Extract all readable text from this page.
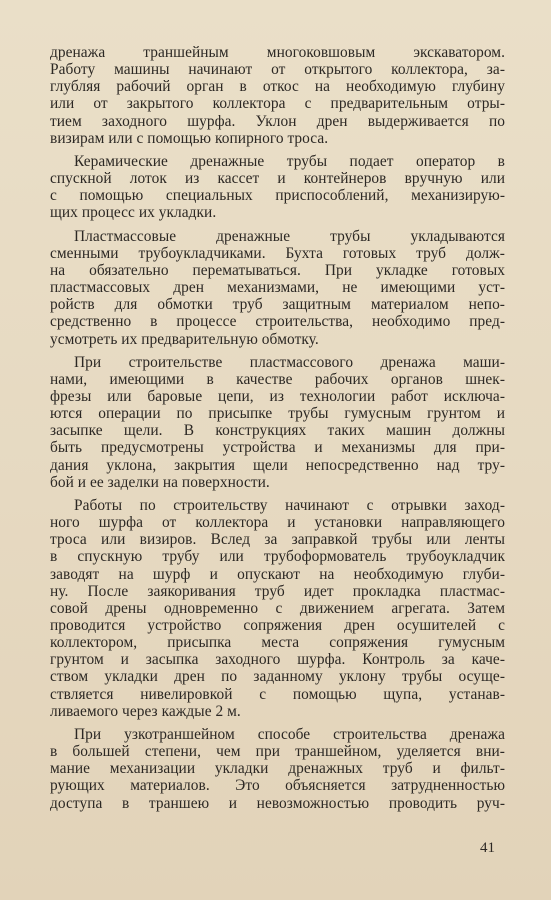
дренажа траншейным многоковшовым экскаватором.
Работу машины начинают от открытого коллектора, за-
глубляя рабочий орган в откос на необходимую глубину
или от закрытого коллектора с предварительным отры-
тием заходного шурфа. Уклон дрен выдерживается по
визирам или с помощью копирного троса.

Керамические дренажные трубы подает оператор в
спускной лоток из кассет и контейнеров вручную или
с помощью специальных приспособлений, механизирую-
щих процесс их укладки.

Пластмассовые дренажные трубы укладываются
сменными трубоукладчиками. Бухта готовых труб долж-
на обязательно перематываться. При укладке готовых
пластмассовых дрен механизмами, не имеющими уст-
ройств для обмотки труб защитным материалом непо-
средственно в процессе строительства, необходимо пред-
усмотреть их предварительную обмотку.

При строительстве пластмассового дренажа маши-
нами, имеющими в качестве рабочих органов шнек-
фрезы или баровые цепи, из технологии работ исключа-
ются операции по присыпке трубы гумусным грунтом и
засыпке щели. В конструкциях таких машин должны
быть предусмотрены устройства и механизмы для при-
дания уклона, закрытия щели непосредственно над тру-
бой и ее заделки на поверхности.

Работы по строительству начинают с отрывки заход-
ного шурфа от коллектора и установки направляющего
троса или визиров. Вслед за заправкой трубы или ленты
в спускную трубу или трубоформователь трубоукладчик
заводят на шурф и опускают на необходимую глуби-
ну. После заякоривания труб идет прокладка пластмас-
совой дрены одновременно с движением агрегата. Затем
проводится устройство сопряжения дрен осушителей с
коллектором, присыпка места сопряжения гумусным
грунтом и засыпка заходного шурфа. Контроль за каче-
ством укладки дрен по заданному уклону трубы осуще-
ствляется нивелировкой с помощью щупа, устанав-
ливаемого через каждые 2 м.

При узкотраншейном способе строительства дренажа
в большей степени, чем при траншейном, уделяется вни-
мание механизации укладки дренажных труб и фильт-
рующих материалов. Это объясняется затрудненностью
доступа в траншею и невозможностью проводить руч-

41
